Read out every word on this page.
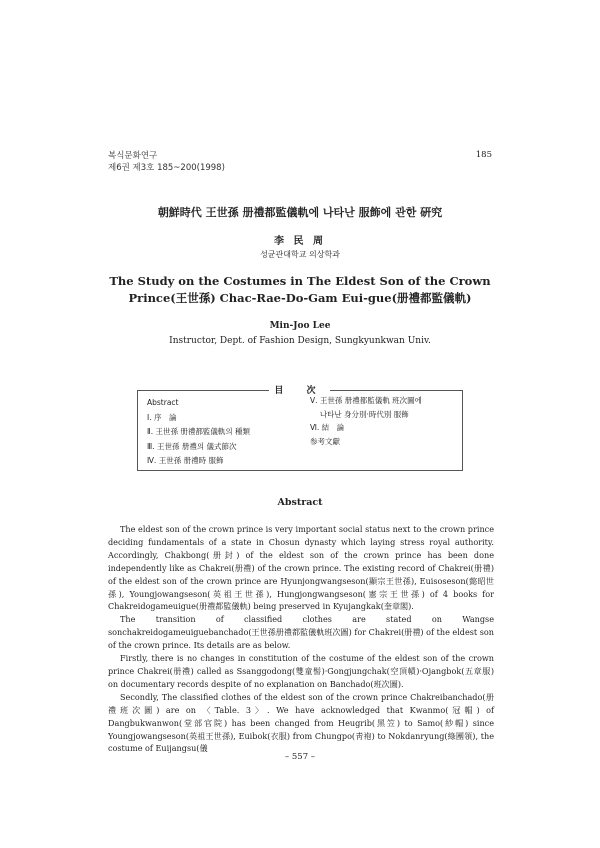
복식문화연구
제6권 제3호 185~200(1998)
185
朝鮮時代 王世孫 册禮都監儀軌에 나타난 服飾에 관한 硏究
李 民 周
성균관대학교 의상학과
The Study on the Costumes in The Eldest Son of the Crown
Prince(王世孫) Chac-Rae-Do-Gam Eui-gue(册禮都監儀軌)
Min-Joo Lee
Instructor, Dept. of Fashion Design, Sungkyunkwan Univ.
目 次
Abstract
Ⅰ. 序　論
Ⅱ. 王世孫 册禮都監儀軌의 種類
Ⅲ. 王世孫 册禮의 儀式節次
Ⅳ. 王世孫 册禮時 服飾
Ⅴ. 王世孫 册禮都監儀軌 班次圖에
　 나타난 身分別·時代別 服飾
Ⅵ. 結　論
参考文獻
Abstract

The eldest son of the crown prince is very important social status next to the crown prince deciding fundamentals of a state in Chosun dynasty which laying stress royal authority. Accordingly, Chakbong(册封) of the eldest son of the crown prince has been done independently like as Chakrei(册禮) of the crown prince. The existing record of Chakrei(册禮) of the eldest son of the crown prince are Hyunjongwangseson(顯宗王世孫), Euisoseson(懿昭世孫), Youngjowangseson(英祖王世孫), Hungjongwangseson(憲宗王世孫) of 4 books for Chakreidogameuigue(册禮都監儀軌) being preserved in Kyujangkak(奎章閣).

The transition of classified clothes are stated on Wangse sonchakreidogameuiguebanchado(王世孫册禮都監儀軌班次圖) for Chakrei(册禮) of the eldest son of the crown prince. Its details are as below.

Firstly, there is no changes in constitution of the costume of the eldest son of the crown prince Chakrei(册禮) called as Ssanggodong(雙童髻)·Gongjungchak(空頂幘)·Ojangbok(五章服) on documentary records despite of no explanation on Banchado(班次圖).

Secondly, The classified clothes of the eldest son of the crown prince Chakreibanchado(册禮班次圖) are on 〈Table. 3〉. We have acknowledged that Kwanmo(冠帽) of Dangbukwanwon(堂部官院) has been changed from Heugrib(黑笠) to Samo(紗帽) since Youngjowangseson(英祖王世孫), Euibok(衣服) from Chungpo(靑袍) to Nokdanryung(綠團領), the costume of Euijangsu(儀

– 557 –
